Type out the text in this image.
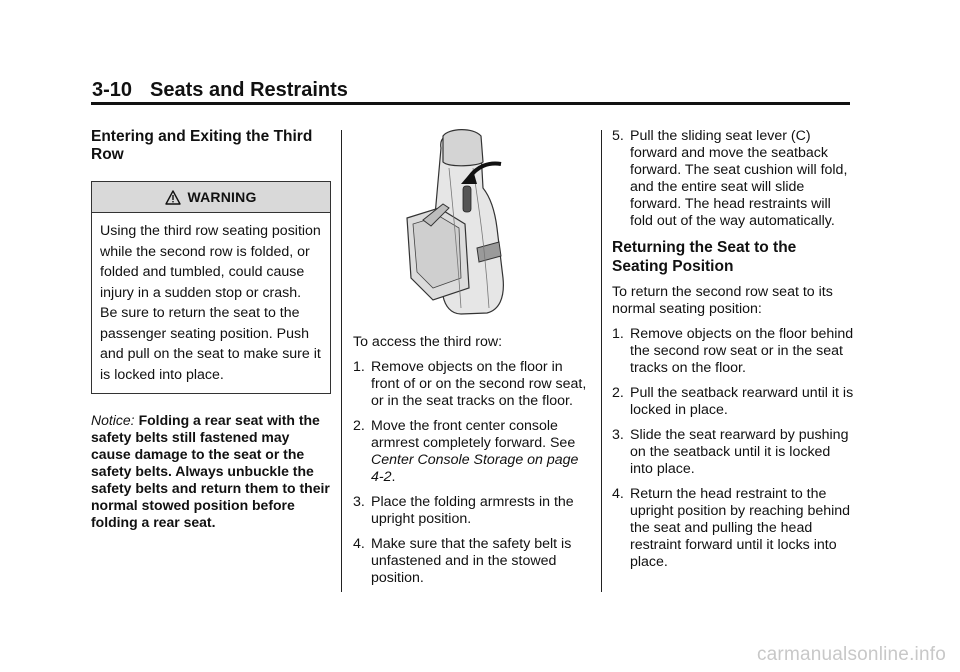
3-10 Seats and Restraints
Entering and Exiting the Third Row
WARNING
Using the third row seating position while the second row is folded, or folded and tumbled, could cause injury in a sudden stop or crash. Be sure to return the seat to the passenger seating position. Push and pull on the seat to make sure it is locked into place.

Notice: Folding a rear seat with the safety belts still fastened may cause damage to the seat or the safety belts. Always unbuckle the safety belts and return them to their normal stowed position before folding a rear seat.

To access the third row:

1. Remove objects on the floor in front of or on the second row seat, or in the seat tracks on the floor.
2. Move the front center console armrest completely forward. See Center Console Storage on page 4-2.
3. Place the folding armrests in the upright position.
4. Make sure that the safety belt is unfastened and in the stowed position.
5. Pull the sliding seat lever (C) forward and move the seatback forward. The seat cushion will fold, and the entire seat will slide forward. The head restraints will fold out of the way automatically.
Returning the Seat to the Seating Position

To return the second row seat to its normal seating position:

1. Remove objects on the floor behind the second row seat or in the seat tracks on the floor.
2. Pull the seatback rearward until it is locked in place.
3. Slide the seat rearward by pushing on the seatback until it is locked into place.
4. Return the head restraint to the upright position by reaching behind the seat and pulling the head restraint forward until it locks into place.
carmanualsonline.info
